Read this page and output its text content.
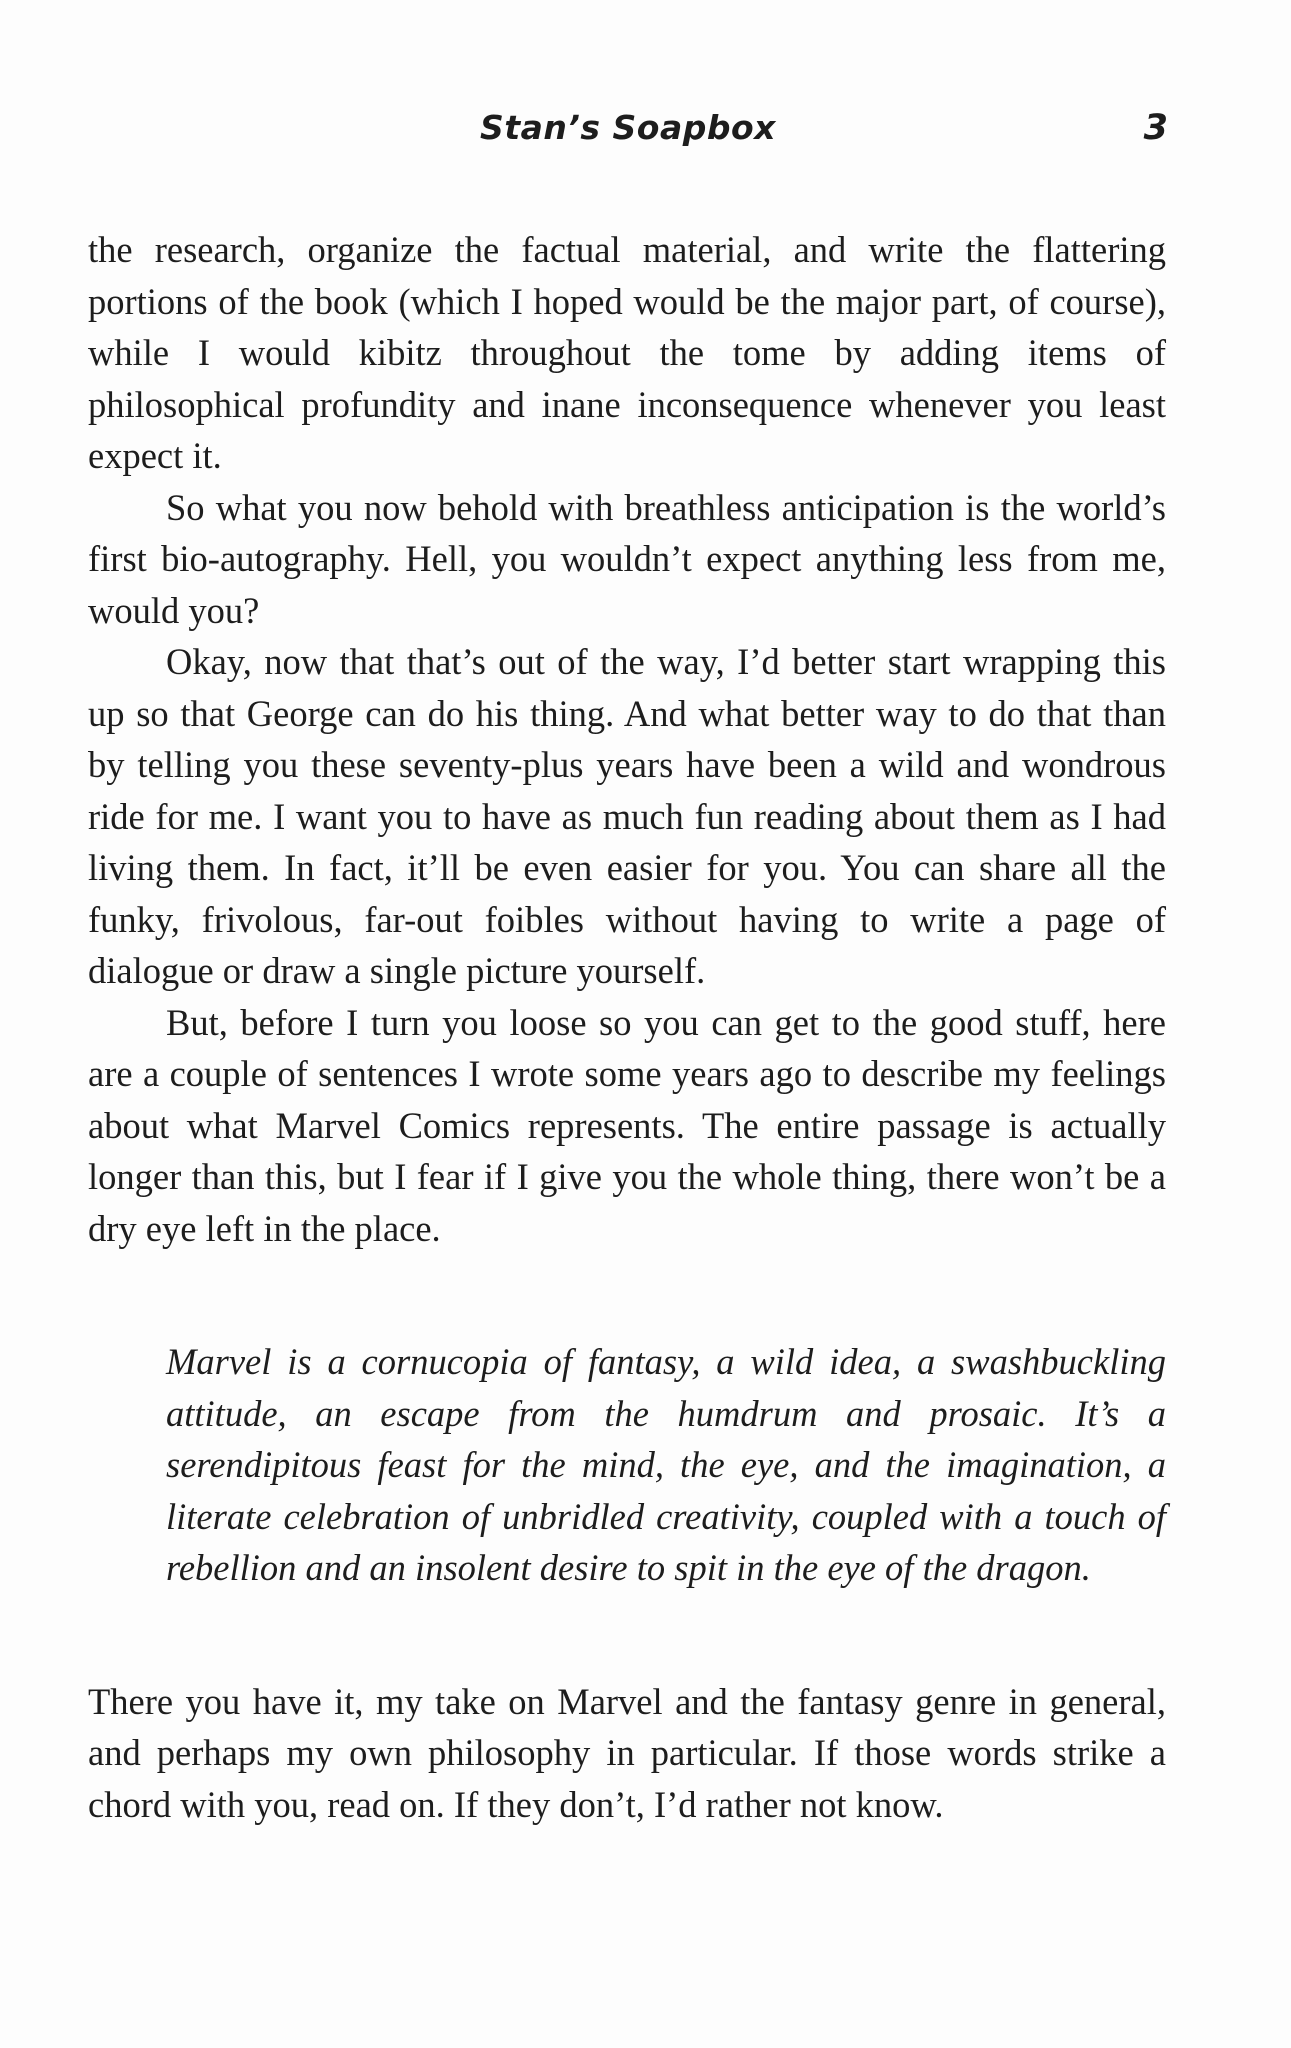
Stan’s Soapbox	3

the research, organize the factual material, and write the flattering portions of the book (which I hoped would be the major part, of course), while I would kibitz throughout the tome by adding items of philosophical profundity and inane inconsequence whenever you least expect it.

So what you now behold with breathless anticipation is the world’s first bio-autography. Hell, you wouldn’t expect anything less from me, would you?

Okay, now that that’s out of the way, I’d better start wrapping this up so that George can do his thing. And what better way to do that than by telling you these seventy-plus years have been a wild and wondrous ride for me. I want you to have as much fun reading about them as I had living them. In fact, it’ll be even easier for you. You can share all the funky, frivolous, far-out foibles without having to write a page of dialogue or draw a single picture yourself.

But, before I turn you loose so you can get to the good stuff, here are a couple of sentences I wrote some years ago to describe my feelings about what Marvel Comics represents. The entire passage is actually longer than this, but I fear if I give you the whole thing, there won’t be a dry eye left in the place.

Marvel is a cornucopia of fantasy, a wild idea, a swashbuckling attitude, an escape from the humdrum and prosaic. It’s a serendipitous feast for the mind, the eye, and the imagination, a literate celebration of unbridled creativity, coupled with a touch of rebellion and an insolent desire to spit in the eye of the dragon.

There you have it, my take on Marvel and the fantasy genre in general, and perhaps my own philosophy in particular. If those words strike a chord with you, read on. If they don’t, I’d rather not know.
